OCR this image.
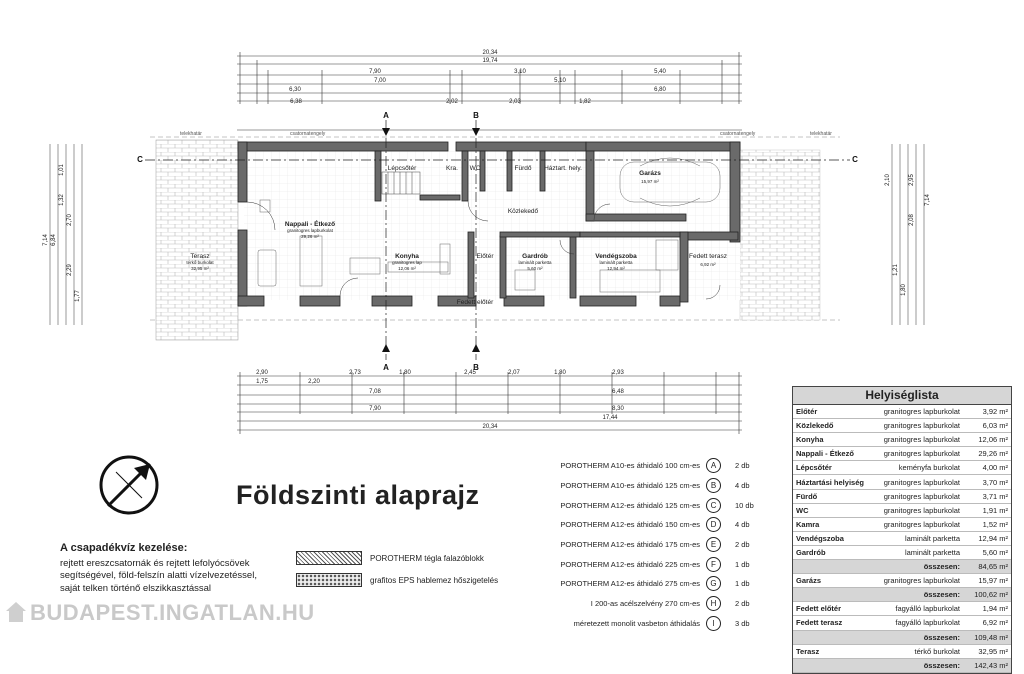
20,34
19,74
7,90	3,10	5,40
6,30
7,00	5,10
6,80
6,38	2,02	2,03	1,82
telekhatár	telekhatár
csatornatengely	csatornatengely
A	B
C	C
A	B
Nappali - Étkező
granitogres lapburkolat
29,26 m²
Konyha
granitogres lap
12,06 m²
Lépcsőtér	Kra. WC	Fürdő Háztart. hely.
Garázs
15,97 m²
Közlekedő
Előtér	Gardrób
laminált parketta
5,60 m²
Vendégszoba
laminált parketta
12,94 m²
Fedett terasz
6,92 m²
Terasz
térkő burkolat
32,95 m²
Fedett előtér
2,90	2,73	1,80	2,45	2,07	1,80	2,93
1,75	2,20
7,08	6,48
7,90	8,30
17,44
20,34
7,14 6,84
1,01
1,32
2,70
2,29
1,77
7,14
2,95
2,08
1,21
1,80
2,10
Földszinti alaprajz
A csapadékvíz kezelése:
rejtett ereszcsatornák és rejtett lefolyócsövek segítségével, föld-felszín alatti vízelvezetéssel, saját telken történő elszikkasztással
POROTHERM tégla falazóblokk
grafitos EPS hablemez hőszigetelés
POROTHERM A10-es áthidaló 100 cm-es	A	2 db
POROTHERM A10-es áthidaló 125 cm-es	B	4 db
POROTHERM A12-es áthidaló 125 cm-es	C	10 db
POROTHERM A12-es áthidaló 150 cm-es	D	4 db
POROTHERM A12-es áthidaló 175 cm-es	E	2 db
POROTHERM A12-es áthidaló 225 cm-es	F	1 db
POROTHERM A12-es áthidaló 275 cm-es	G	1 db
I 200-as acélszelvény 270 cm-es	H	2 db
méretezett monolit vasbeton áthidalás	I	3 db
Helyiséglista
Előtér	granitogres lapburkolat	3,92 m²
Közlekedő	granitogres lapburkolat	6,03 m²
Konyha	granitogres lapburkolat	12,06 m²
Nappali - Étkező	granitogres lapburkolat	29,26 m²
Lépcsőtér	keményfa burkolat	4,00 m²
Háztartási helyiség	granitogres lapburkolat	3,70 m²
Fürdő	granitogres lapburkolat	3,71 m²
WC	granitogres lapburkolat	1,91 m²
Kamra	granitogres lapburkolat	1,52 m²
Vendégszoba	laminált parketta	12,94 m²
Gardrób	laminált parketta	5,60 m²
összesen:	84,65 m²
Garázs	granitogres lapburkolat	15,97 m²
összesen:	100,62 m²
Fedett előtér	fagyálló lapburkolat	1,94 m²
Fedett terasz	fagyálló lapburkolat	6,92 m²
összesen:	109,48 m²
Terasz	térkő burkolat	32,95 m²
összesen:	142,43 m²
BUDAPEST.INGATLAN.HU
